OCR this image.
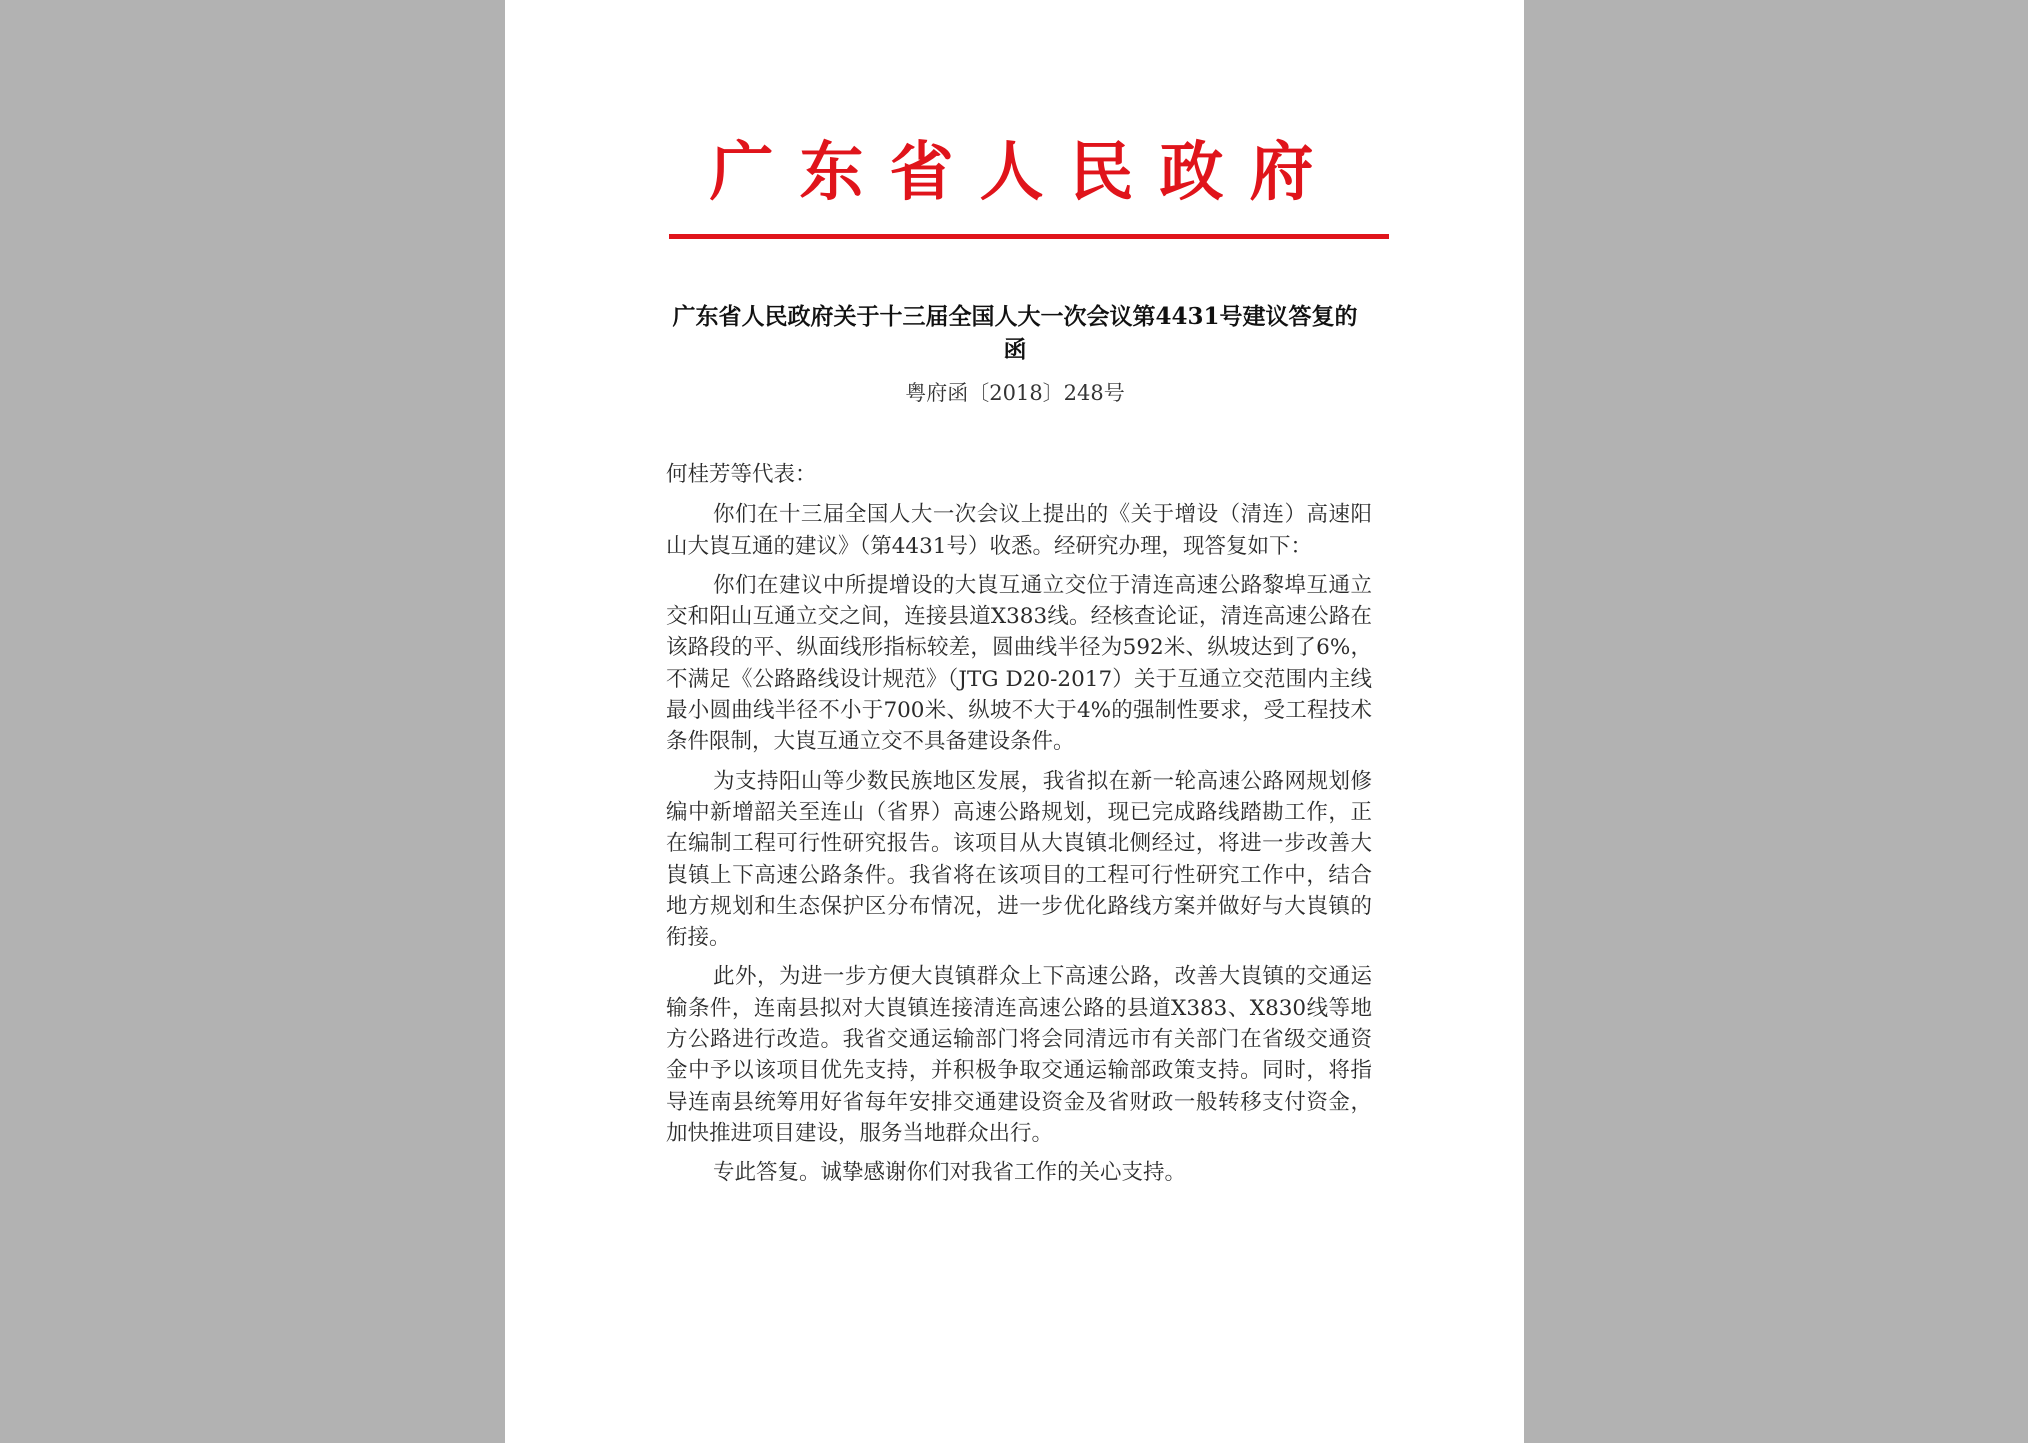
广东省人民政府
广东省人民政府关于十三届全国人大一次会议第4431号建议答复的函
粤府函〔2018〕248号

何桂芳等代表：

你们在十三届全国人大一次会议上提出的《关于增设（清连）高速阳山大崀互通的建议》（第4431号）收悉。经研究办理，现答复如下：

你们在建议中所提增设的大崀互通立交位于清连高速公路黎埠互通立交和阳山互通立交之间，连接县道X383线。经核查论证，清连高速公路在该路段的平、纵面线形指标较差，圆曲线半径为592米、纵坡达到了6%，不满足《公路路线设计规范》（JTG D20-2017）关于互通立交范围内主线最小圆曲线半径不小于700米、纵坡不大于4%的强制性要求，受工程技术条件限制，大崀互通立交不具备建设条件。

为支持阳山等少数民族地区发展，我省拟在新一轮高速公路网规划修编中新增韶关至连山（省界）高速公路规划，现已完成路线踏勘工作，正在编制工程可行性研究报告。该项目从大崀镇北侧经过，将进一步改善大崀镇上下高速公路条件。我省将在该项目的工程可行性研究工作中，结合地方规划和生态保护区分布情况，进一步优化路线方案并做好与大崀镇的衔接。

此外，为进一步方便大崀镇群众上下高速公路，改善大崀镇的交通运输条件，连南县拟对大崀镇连接清连高速公路的县道X383、X830线等地方公路进行改造。我省交通运输部门将会同清远市有关部门在省级交通资金中予以该项目优先支持，并积极争取交通运输部政策支持。同时，将指导连南县统筹用好省每年安排交通建设资金及省财政一般转移支付资金，加快推进项目建设，服务当地群众出行。

专此答复。诚挚感谢你们对我省工作的关心支持。
